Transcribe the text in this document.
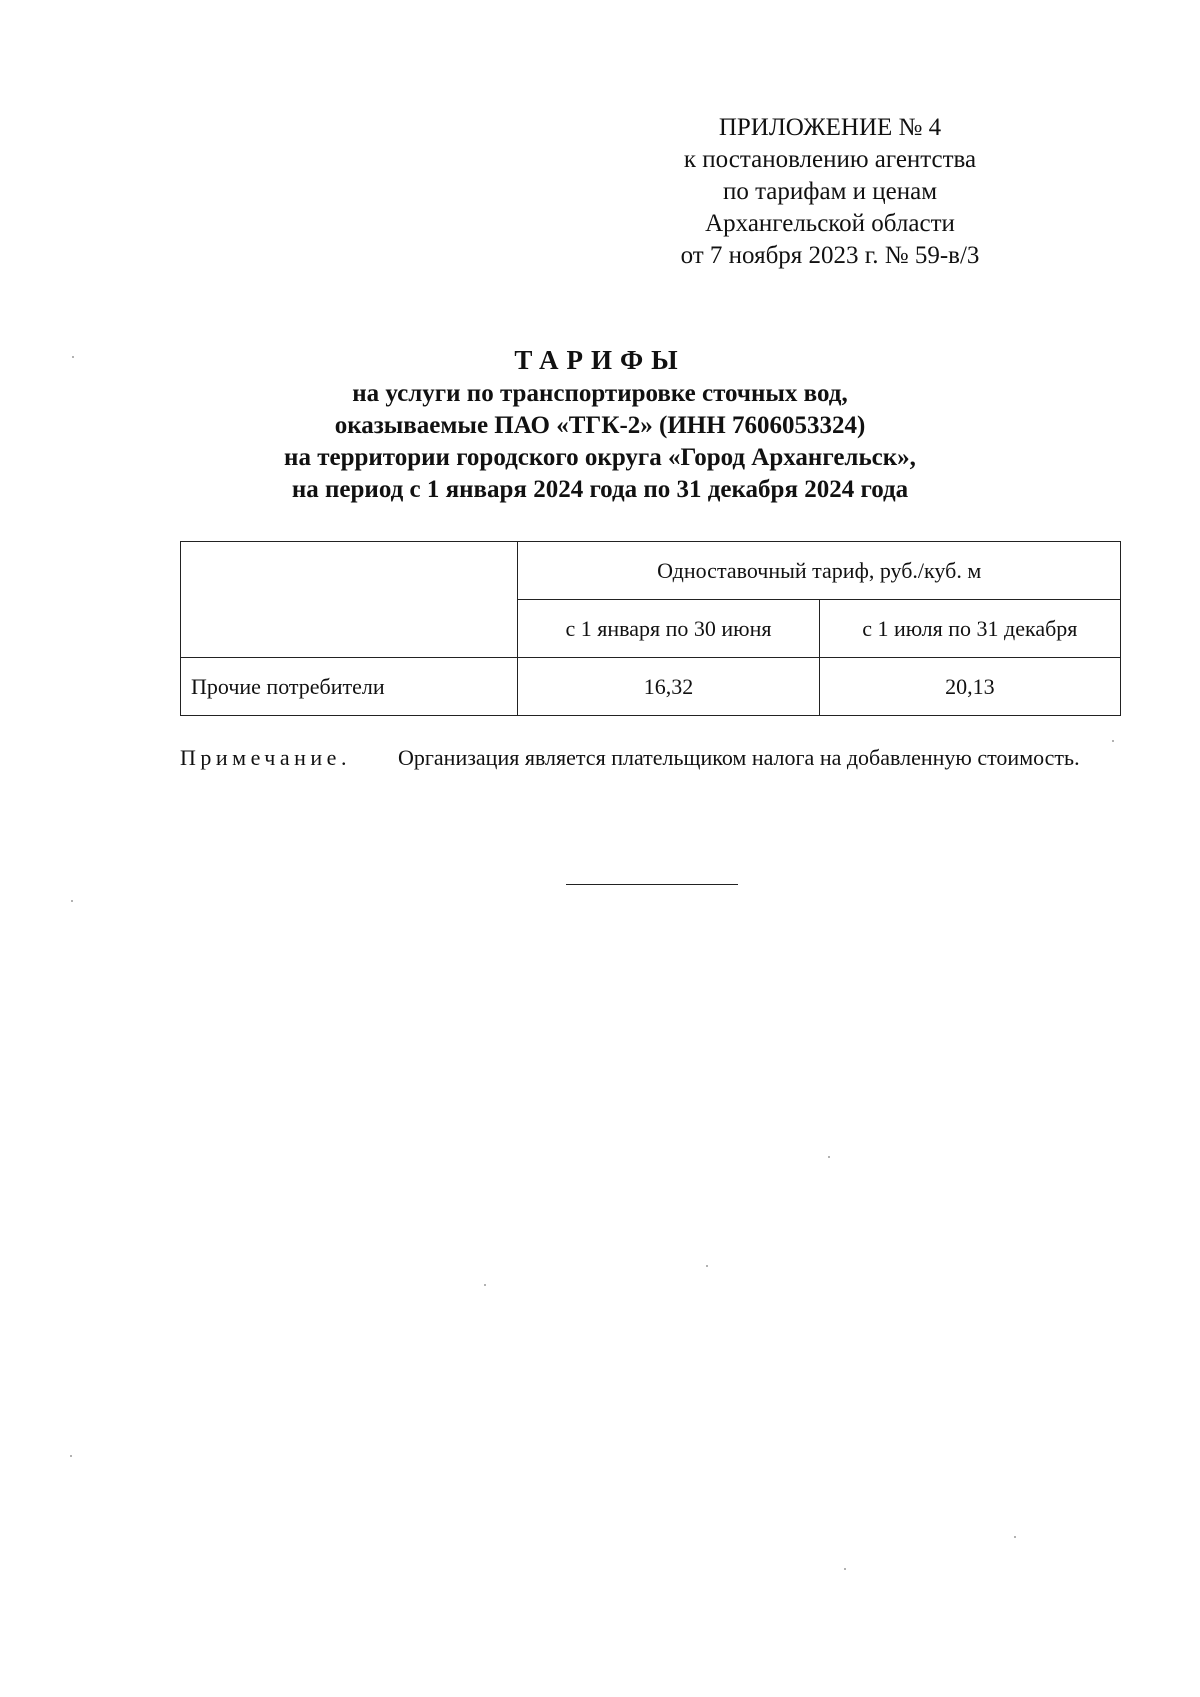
ПРИЛОЖЕНИЕ № 4
к постановлению агентства
по тарифам и ценам
Архангельской области
от 7 ноября 2023 г. № 59-в/3
ТАРИФЫ
на услуги по транспортировке сточных вод,
оказываемые ПАО «ТГК-2» (ИНН 7606053324)
на территории городского округа «Город Архангельск»,
на период с 1 января 2024 года по 31 декабря 2024 года
	Одноставочный тариф, руб./куб. м	
	с 1 января по 30 июня	с 1 июля по 31 декабря
Прочие потребители	16,32	20,13
Примечание. Организация является плательщиком налога на добавленную стоимость.
